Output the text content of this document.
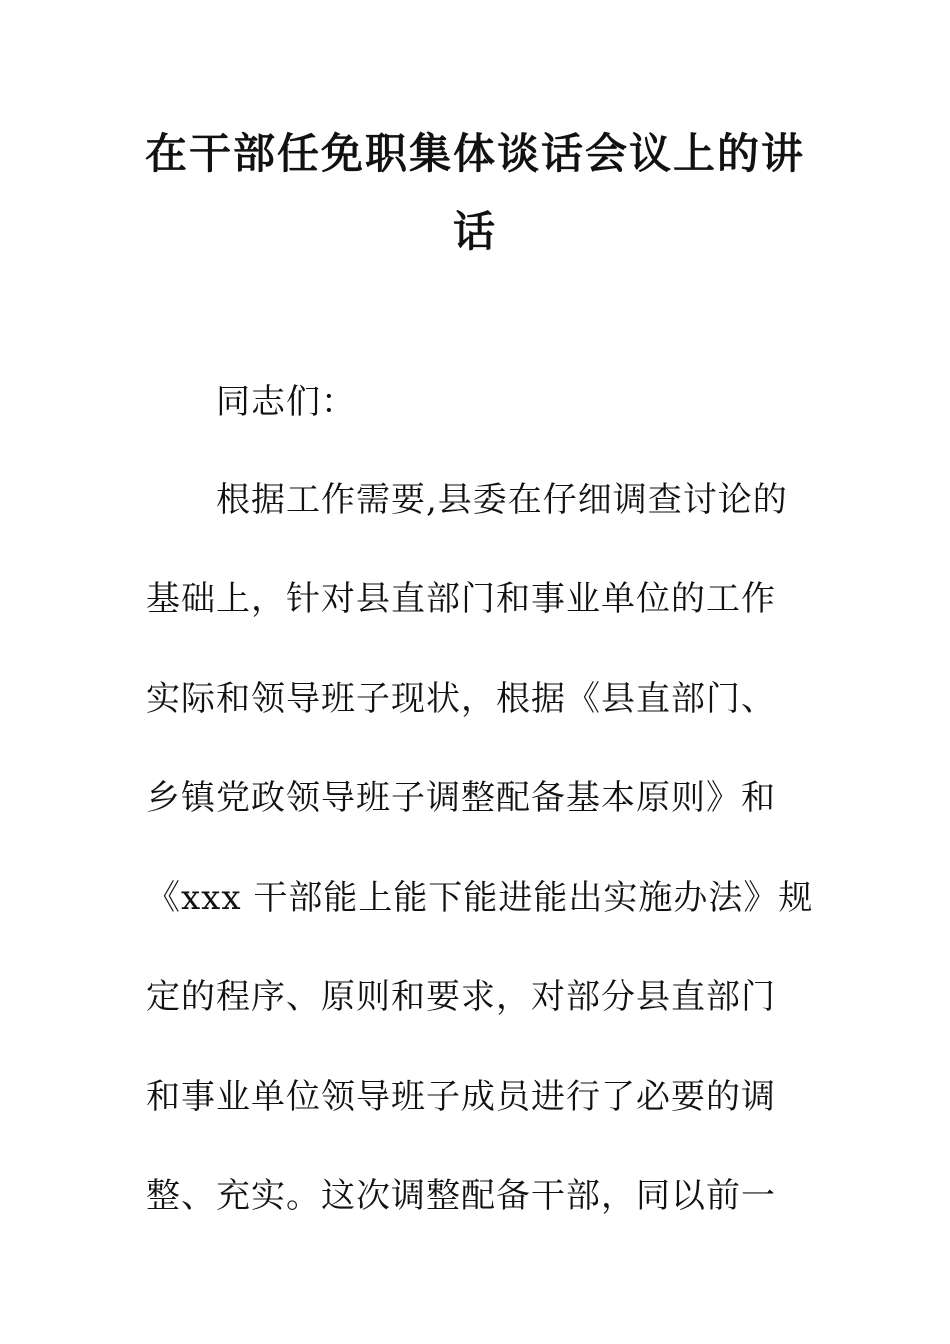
在干部任免职集体谈话会议上的讲
话
同志们：
根据工作需要,县委在仔细调查讨论的
基础上，针对县直部门和事业单位的工作
实际和领导班子现状，根据《县直部门、
乡镇党政领导班子调整配备基本原则》和
《xxx 干部能上能下能进能出实施办法》规
定的程序、原则和要求，对部分县直部门
和事业单位领导班子成员进行了必要的调
整、充实。这次调整配备干部，同以前一
